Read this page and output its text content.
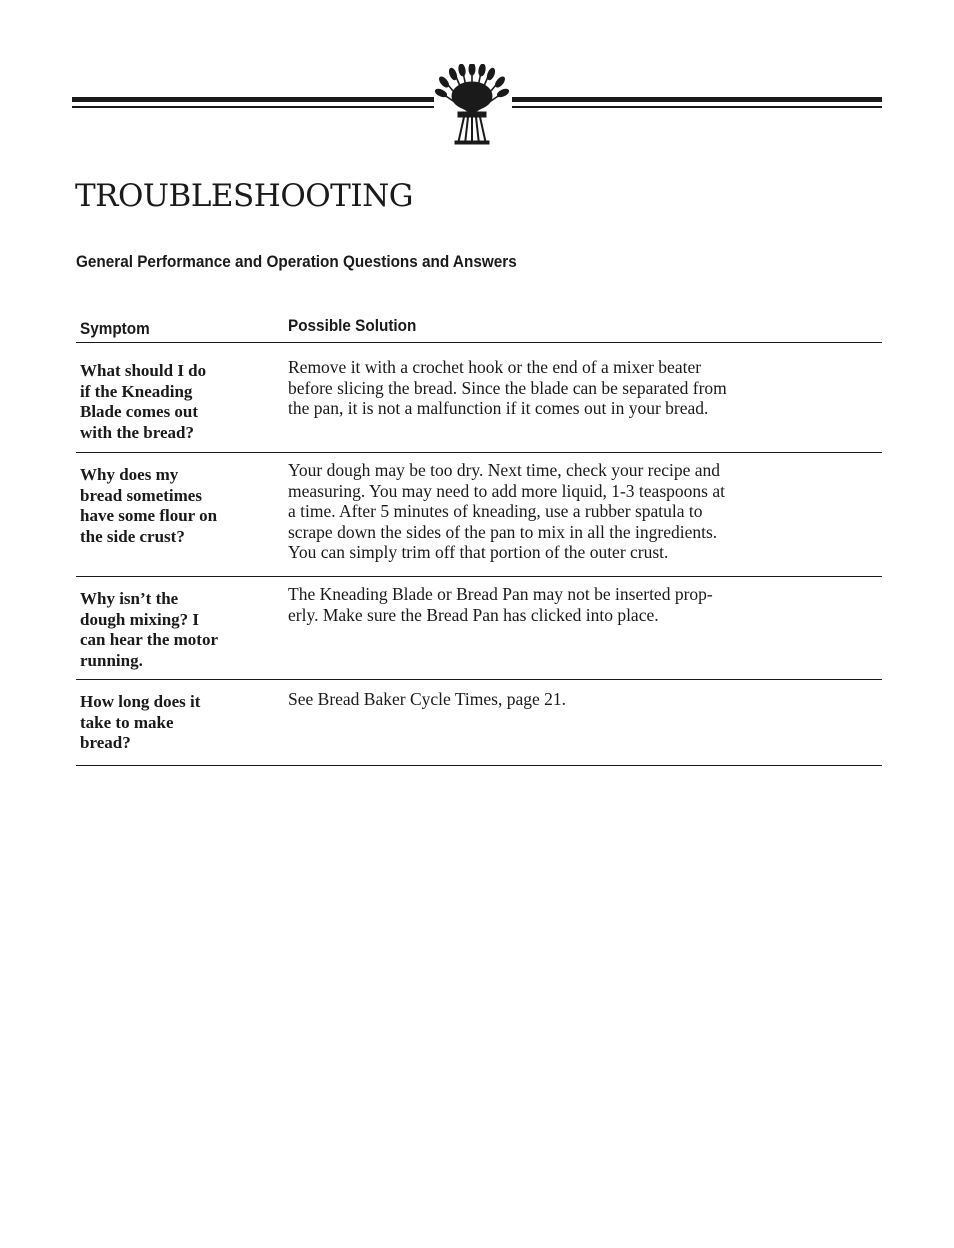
TROUBLESHOOTING
General Performance and Operation Questions and Answers
Symptom	Possible Solution
What should I do
if the Kneading
Blade comes out
with the bread?
Remove it with a crochet hook or the end of a mixer beater
before slicing the bread. Since the blade can be separated from
the pan, it is not a malfunction if it comes out in your bread.
Why does my
bread sometimes
have some flour on
the side crust?
Your dough may be too dry. Next time, check your recipe and
measuring. You may need to add more liquid, 1-3 teaspoons at
a time. After 5 minutes of kneading, use a rubber spatula to
scrape down the sides of the pan to mix in all the ingredients.
You can simply trim off that portion of the outer crust.
Why isn’t the
dough mixing? I
can hear the motor
running.
The Kneading Blade or Bread Pan may not be inserted prop-
erly. Make sure the Bread Pan has clicked into place.
How long does it
take to make
bread?
See Bread Baker Cycle Times, page 21.
